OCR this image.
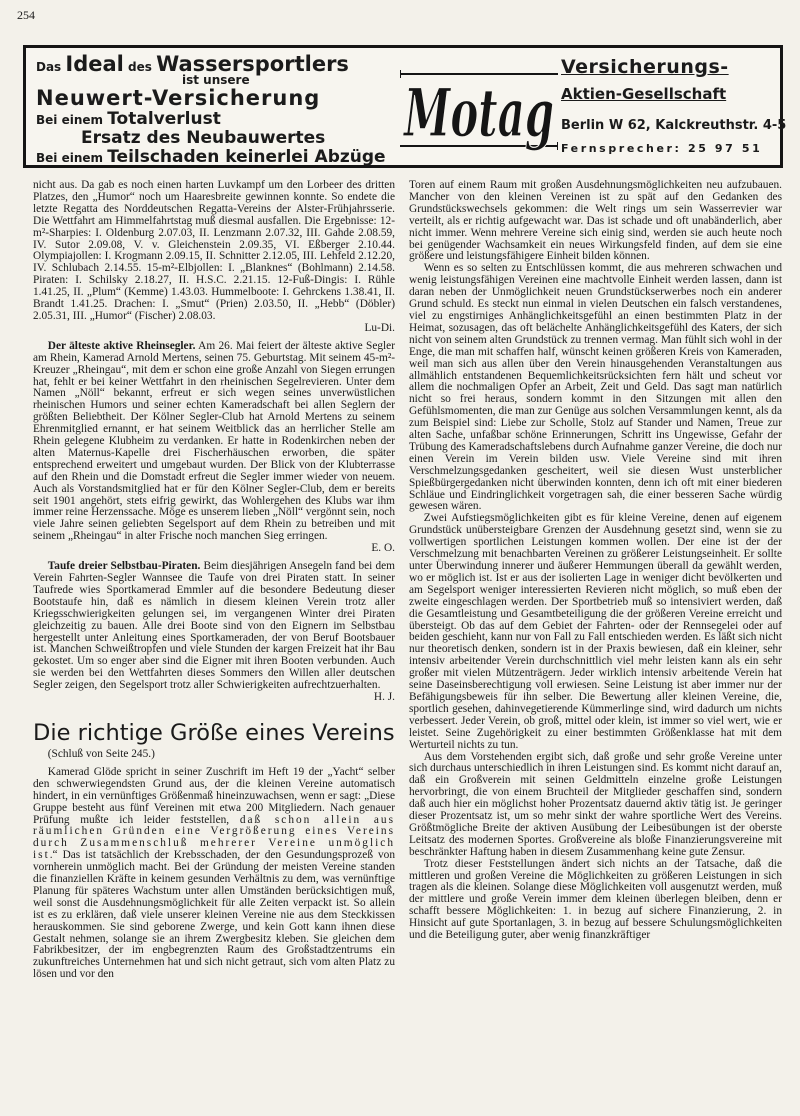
254
Das Ideal des Wassersportlers
ist unsere
Neuwert-Versicherung
Bei einem Totalverlust
Ersatz des Neubauwertes
Bei einem Teilschaden keinerlei Abzüge
Motag
Versicherungs-
Aktien-Gesellschaft
Berlin W 62, Kalckreuthstr. 4-5
Fernsprecher: 25 97 51

nicht aus. Da gab es noch einen harten Luvkampf um den Lorbeer des dritten Platzes, den „Humor“ noch um Haaresbreite gewinnen konnte. So endete die letzte Regatta des Norddeutschen Regatta-Vereins der Alster-Frühjahrsserie. Die Wettfahrt am Himmelfahrtstag muß diesmal ausfallen. Die Ergebnisse: 12-m²-Sharpies: I. Oldenburg 2.07.03, II. Lenzmann 2.07.32, III. Gahde 2.08.59, IV. Sutor 2.09.08, V. v. Gleichenstein 2.09.35, VI. Eßberger 2.10.44. Olympiajollen: I. Krogmann 2.09.15, II. Schnitter 2.12.05, III. Lehfeld 2.12.20, IV. Schlubach 2.14.55. 15-m²-Elbjollen: I. „Blanknes“ (Bohlmann) 2.14.58. Piraten: I. Schilsky 2.18.27, II. H.S.C. 2.21.15. 12-Fuß-Dingis: I. Rühle 1.41.25, II. „Plum“ (Kemme) 1.43.03. Hummelboote: I. Gehrckens 1.38.41, II. Brandt 1.41.25. Drachen: I. „Smut“ (Prien) 2.03.50, II. „Hebb“ (Döbler) 2.05.31, III. „Humor“ (Fischer) 2.08.03.

Lu-Di.

Der älteste aktive Rheinsegler. Am 26. Mai feiert der älteste aktive Segler am Rhein, Kamerad Arnold Mertens, seinen 75. Geburtstag. Mit seinem 45-m²-Kreuzer „Rheingau“, mit dem er schon eine große Anzahl von Siegen errungen hat, fehlt er bei keiner Wettfahrt in den rheinischen Segelrevieren. Unter dem Namen „Nöll“ bekannt, erfreut er sich wegen seines unverwüstlichen rheinischen Humors und seiner echten Kameradschaft bei allen Seglern der größten Beliebtheit. Der Kölner Segler-Club hat Arnold Mertens zu seinem Ehrenmitglied ernannt, er hat seinem Weitblick das an herrlicher Stelle am Rhein gelegene Klubheim zu verdanken. Er hatte in Rodenkirchen neben der alten Maternus-Kapelle drei Fischerhäuschen erworben, die später entsprechend erweitert und umgebaut wurden. Der Blick von der Klubterrasse auf den Rhein und die Domstadt erfreut die Segler immer wieder von neuem. Auch als Vorstandsmitglied hat er für den Kölner Segler-Club, dem er bereits seit 1901 angehört, stets eifrig gewirkt, das Wohlergehen des Klubs war ihm immer reine Herzenssache. Möge es unserem lieben „Nöll“ vergönnt sein, noch viele Jahre seinen geliebten Segelsport auf dem Rhein zu betreiben und mit seinem „Rheingau“ in alter Frische noch manchen Sieg erringen.

E. O.

Taufe dreier Selbstbau-Piraten. Beim diesjährigen Ansegeln fand bei dem Verein Fahrten-Segler Wannsee die Taufe von drei Piraten statt. In seiner Taufrede wies Sportkamerad Emmler auf die besondere Bedeutung dieser Bootstaufe hin, daß es nämlich in diesem kleinen Verein trotz aller Kriegsschwierigkeiten gelungen sei, im vergangenen Winter drei Piraten gleichzeitig zu bauen. Alle drei Boote sind von den Eignern im Selbstbau hergestellt unter Anleitung eines Sportkameraden, der von Beruf Bootsbauer ist. Manchen Schweißtropfen und viele Stunden der kargen Freizeit hat ihr Bau gekostet. Um so enger aber sind die Eigner mit ihren Booten verbunden. Auch sie werden bei den Wettfahrten dieses Sommers den Willen aller deutschen Segler zeigen, den Segelsport trotz aller Schwierigkeiten aufrechtzuerhalten.

H. J.

Die richtige Größe eines Vereins

(Schluß von Seite 245.)

Kamerad Glöde spricht in seiner Zuschrift im Heft 19 der „Yacht“ selber den schwerwiegendsten Grund aus, der die kleinen Vereine automatisch hindert, in ein vernünftiges Größenmaß hineinzuwachsen, wenn er sagt: „Diese Gruppe besteht aus fünf Vereinen mit etwa 200 Mitgliedern. Nach genauer Prüfung mußte ich leider feststellen, daß schon allein aus räumlichen Gründen eine Vergrößerung eines Vereins durch Zusammenschluß mehrerer Vereine unmöglich ist.“ Das ist tatsächlich der Krebsschaden, der den Gesundungsprozeß von vornherein unmöglich macht. Bei der Gründung der meisten Vereine standen die finanziellen Kräfte in keinem gesunden Verhältnis zu dem, was vernünftige Planung für späteres Wachstum unter allen Umständen berücksichtigen muß, weil sonst die Ausdehnungsmöglichkeit für alle Zeiten verpackt ist. So allein ist es zu erklären, daß viele unserer kleinen Vereine nie aus dem Steckkissen herauskommen. Sie sind geborene Zwerge, und kein Gott kann ihnen diese Gestalt nehmen, solange sie an ihrem Zwergbesitz kleben. Sie gleichen dem Fabrikbesitzer, der im engbegrenzten Raum des Großstadtzentrums ein zukunftreiches Unternehmen hat und sich nicht getraut, sich vom alten Platz zu lösen und vor den

Toren auf einem Raum mit großen Ausdehnungsmöglichkeiten neu aufzubauen. Mancher von den kleinen Vereinen ist zu spät auf den Gedanken des Grundstückswechsels gekommen: die Welt rings um sein Wasserrevier war verteilt, als er richtig aufgewacht war. Das ist schade und oft unabänderlich, aber nicht immer. Wenn mehrere Vereine sich einig sind, werden sie auch heute noch bei genügender Wachsamkeit ein neues Wirkungsfeld finden, auf dem sie eine größere und leistungsfähigere Einheit bilden können.

Wenn es so selten zu Entschlüssen kommt, die aus mehreren schwachen und wenig leistungsfähigen Vereinen eine machtvolle Einheit werden lassen, dann ist daran neben der Unmöglichkeit neuen Grundstückserwerbes noch ein anderer Grund schuld. Es steckt nun einmal in vielen Deutschen ein falsch verstandenes, viel zu engstirniges Anhänglichkeitsgefühl an einen bestimmten Platz in der Heimat, sozusagen, das oft belächelte Anhänglichkeitsgefühl des Katers, der sich nicht von seinem alten Grundstück zu trennen vermag. Man fühlt sich wohl in der Enge, die man mit schaffen half, wünscht keinen größeren Kreis von Kameraden, weil man sich aus allen über den Verein hinausgehenden Veranstaltungen aus allmählich entstandenen Bequemlichkeitsrücksichten fern hält und scheut vor allem die nochmaligen Opfer an Arbeit, Zeit und Geld. Das sagt man natürlich nicht so frei heraus, sondern kommt in den Sitzungen mit allen den Gefühlsmomenten, die man zur Genüge aus solchen Versammlungen kennt, als da zum Beispiel sind: Liebe zur Scholle, Stolz auf Stander und Namen, Treue zur alten Sache, unfaßbar schöne Erinnerungen, Schritt ins Ungewisse, Gefahr der Trübung des Kameradschaftslebens durch Aufnahme ganzer Vereine, die doch nur einen Verein im Verein bilden usw. Viele Vereine sind mit ihren Verschmelzungsgedanken gescheitert, weil sie diesen Wust unsterblicher Spießbürgergedanken nicht überwinden konnten, denn ich oft mit einer biederen Schläue und Eindringlichkeit vorgetragen sah, die einer besseren Sache würdig gewesen wären.

Zwei Aufstiegsmöglichkeiten gibt es für kleine Vereine, denen auf eigenem Grundstück unübersteigbare Grenzen der Ausdehnung gesetzt sind, wenn sie zu vollwertigen sportlichen Leistungen kommen wollen. Der eine ist der der Verschmelzung mit benachbarten Vereinen zu größerer Leistungseinheit. Er sollte unter Überwindung innerer und äußerer Hemmungen überall da gewählt werden, wo er möglich ist. Ist er aus der isolierten Lage in weniger dicht bevölkerten und am Segelsport weniger interessierten Revieren nicht möglich, so muß eben der zweite eingeschlagen werden. Der Sportbetrieb muß so intensiviert werden, daß die Gesamtleistung und Gesamtbeteiligung die der größeren Vereine erreicht und übersteigt. Ob das auf dem Gebiet der Fahrten- oder der Rennsegelei oder auf beiden geschieht, kann nur von Fall zu Fall entschieden werden. Es läßt sich nicht nur theoretisch denken, sondern ist in der Praxis bewiesen, daß ein kleiner, sehr intensiv arbeitender Verein durchschnittlich viel mehr leisten kann als ein sehr großer mit vielen Mützenträgern. Jeder wirklich intensiv arbeitende Verein hat seine Daseinsberechtigung voll erwiesen. Seine Leistung ist aber immer nur der Befähigungsbeweis für ihn selber. Die Bewertung aller kleinen Vereine, die, sportlich gesehen, dahinvegetierende Kümmerlinge sind, wird dadurch um nichts verbessert. Jeder Verein, ob groß, mittel oder klein, ist immer so viel wert, wie er leistet. Seine Zugehörigkeit zu einer bestimmten Größenklasse hat mit dem Werturteil nichts zu tun.

Aus dem Vorstehenden ergibt sich, daß große und sehr große Vereine unter sich durchaus unterschiedlich in ihren Leistungen sind. Es kommt nicht darauf an, daß ein Großverein mit seinen Geldmitteln einzelne große Leistungen hervorbringt, die von einem Bruchteil der Mitglieder geschaffen sind, sondern daß auch hier ein möglichst hoher Prozentsatz dauernd aktiv tätig ist. Je geringer dieser Prozentsatz ist, um so mehr sinkt der wahre sportliche Wert des Vereins. Größtmögliche Breite der aktiven Ausübung der Leibesübungen ist der oberste Leitsatz des modernen Sportes. Großvereine als bloße Finanzierungsvereine mit beschränkter Haftung haben in diesem Zusammenhang keine gute Zensur.

Trotz dieser Feststellungen ändert sich nichts an der Tatsache, daß die mittleren und großen Vereine die Möglichkeiten zu größeren Leistungen in sich tragen als die kleinen. Solange diese Möglichkeiten voll ausgenutzt werden, muß der mittlere und große Verein immer dem kleinen überlegen bleiben, denn er schafft bessere Möglichkeiten: 1. in bezug auf sichere Finanzierung, 2. in Hinsicht auf gute Sportanlagen, 3. in bezug auf bessere Schulungsmöglichkeiten und die Beteiligung guter, aber wenig finanzkräftiger
